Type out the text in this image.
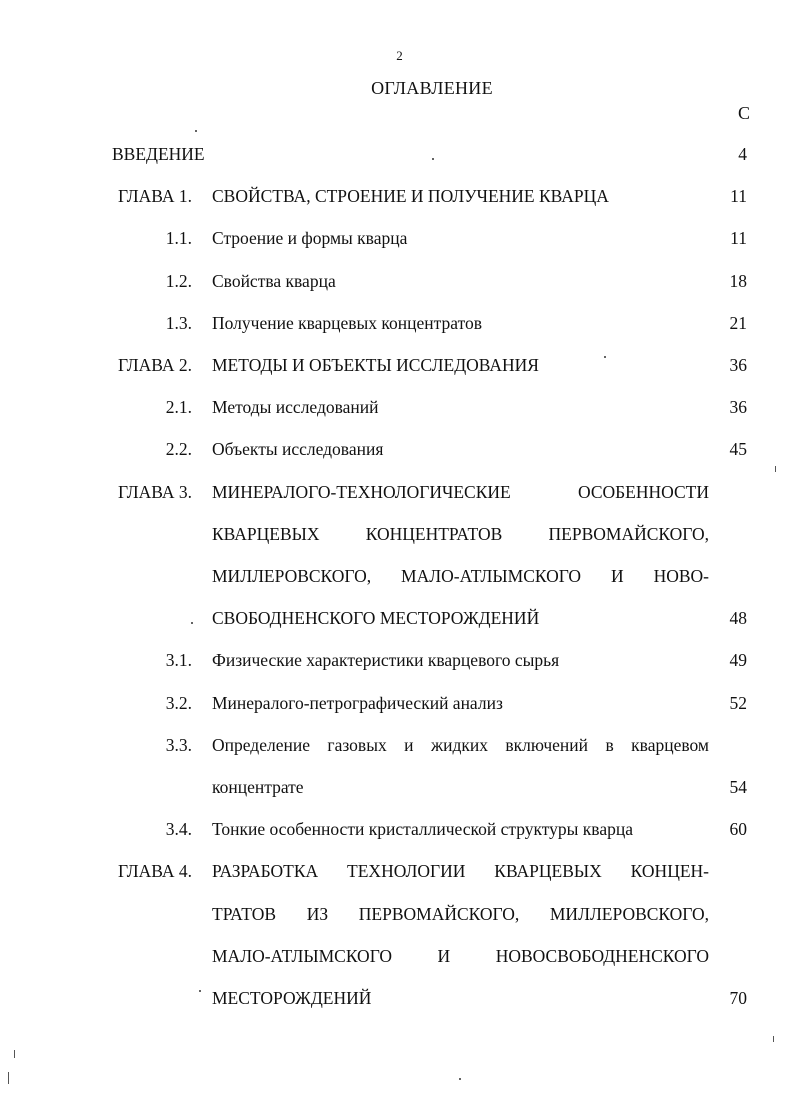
2
ОГЛАВЛЕНИЕ
С
ВВЕДЕНИЕ	4
ГЛАВА 1. СВОЙСТВА, СТРОЕНИЕ И ПОЛУЧЕНИЕ КВАРЦА	11
1.1. Строение и формы кварца	11
1.2. Свойства кварца	18
1.3. Получение кварцевых концентратов	21
ГЛАВА 2. МЕТОДЫ И ОБЪЕКТЫ ИССЛЕДОВАНИЯ	36
2.1. Методы исследований	36
2.2. Объекты исследования	45
ГЛАВА 3. МИНЕРАЛОГО-ТЕХНОЛОГИЧЕСКИЕ ОСОБЕННОСТИ
КВАРЦЕВЫХ КОНЦЕНТРАТОВ ПЕРВОМАЙСКОГО,
МИЛЛЕРОВСКОГО, МАЛО-АТЛЫМСКОГО И НОВО-
СВОБОДНЕНСКОГО МЕСТОРОЖДЕНИЙ	48
3.1. Физические характеристики кварцевого сырья	49
3.2. Минералого-петрографический анализ	52
3.3. Определение газовых и жидких включений в кварцевом
концентрате	54
3.4. Тонкие особенности кристаллической структуры кварца	60
ГЛАВА 4. РАЗРАБОТКА ТЕХНОЛОГИИ КВАРЦЕВЫХ КОНЦЕН-
ТРАТОВ ИЗ ПЕРВОМАЙСКОГО, МИЛЛЕРОВСКОГО,
МАЛО-АТЛЫМСКОГО И НОВОСВОБОДНЕНСКОГО
МЕСТОРОЖДЕНИЙ	70
